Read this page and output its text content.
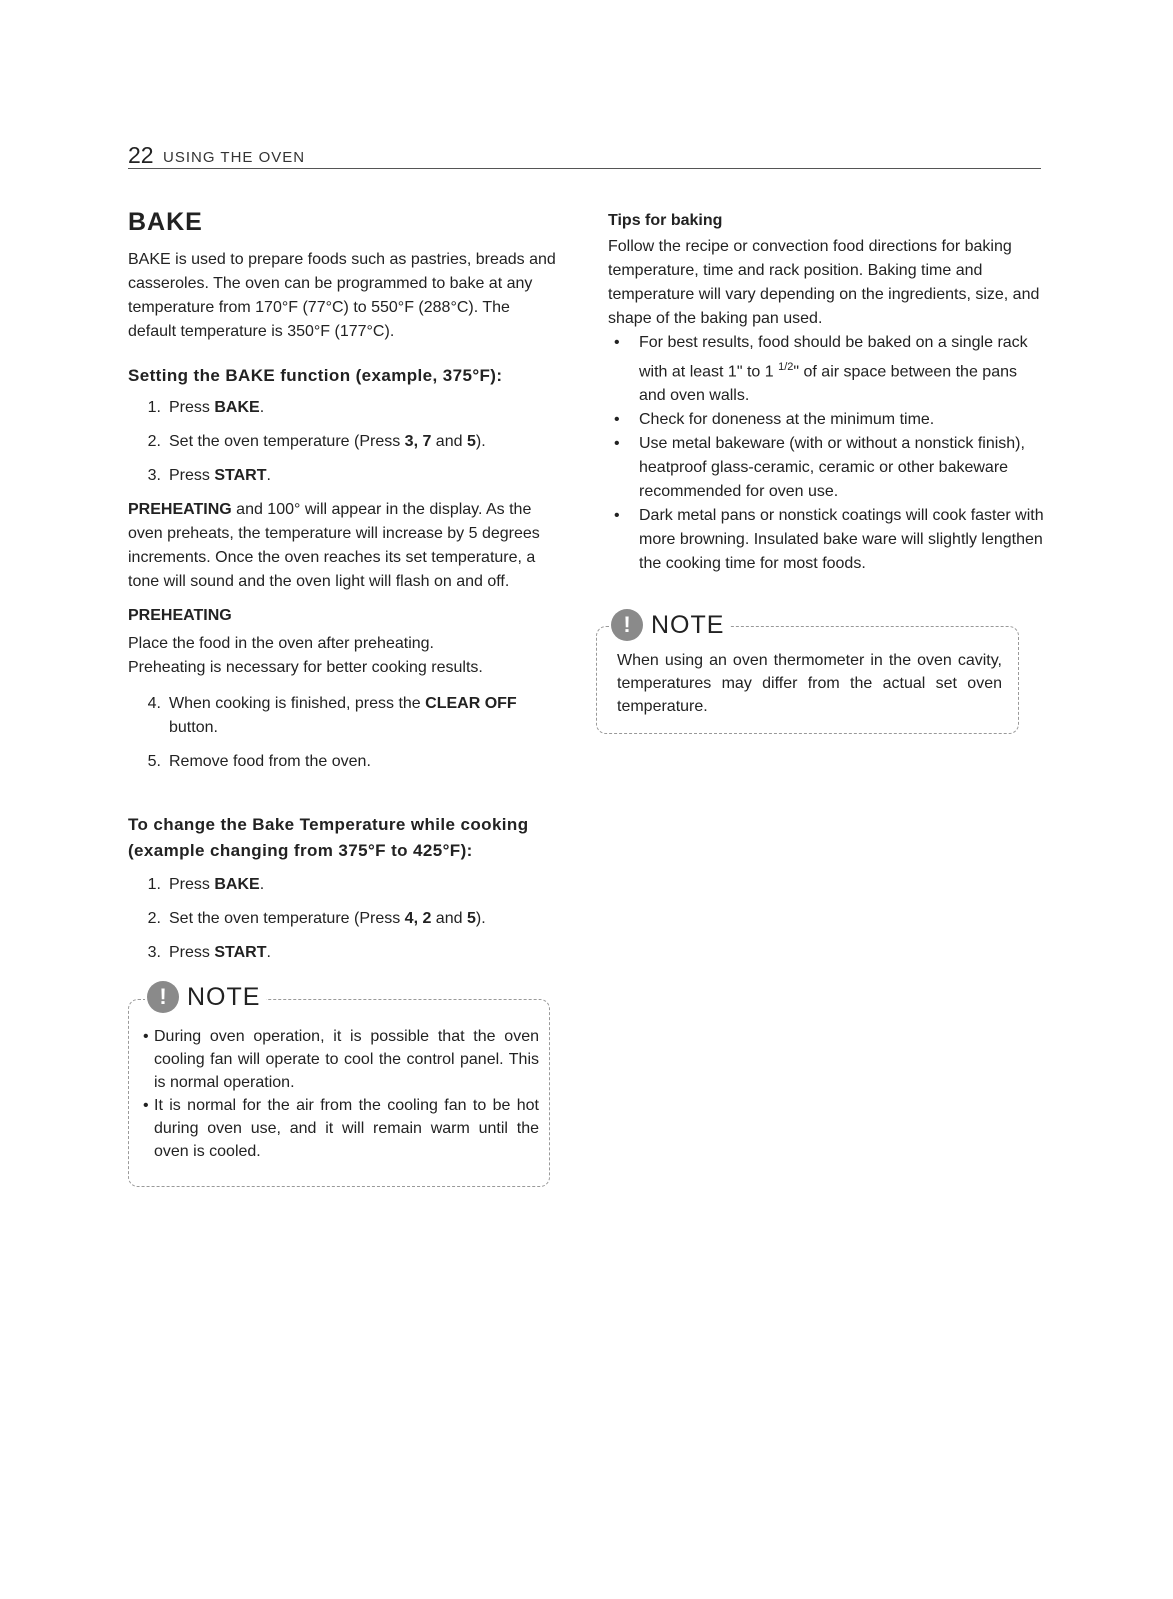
22 USING THE OVEN
BAKE

BAKE is used to prepare foods such as pastries, breads and casseroles. The oven can be programmed to bake at any temperature from 170°F (77°C) to 550°F (288°C). The default temperature is 350°F (177°C).

Setting the BAKE function (example, 375°F):
1. Press BAKE.
2. Set the oven temperature (Press 3, 7 and 5).
3. Press START.

PREHEATING and 100° will appear in the display. As the oven preheats, the temperature will increase by 5 degrees increments. Once the oven reaches its set temperature, a tone will sound and the oven light will flash on and off.

PREHEATING

Place the food in the oven after preheating.

Preheating is necessary for better cooking results.

4. When cooking is finished, press the CLEAR OFF button.
5. Remove food from the oven.
To change the Bake Temperature while cooking (example changing from 375°F to 425°F):
1. Press BAKE.
2. Set the oven temperature (Press 4, 2 and 5).
3. Press START.
! NOTE
• During oven operation, it is possible that the oven cooling fan will operate to cool the control panel. This is normal operation.
• It is normal for the air from the cooling fan to be hot during oven use, and it will remain warm until the oven is cooled.

Tips for baking

Follow the recipe or convection food directions for baking temperature, time and rack position. Baking time and temperature will vary depending on the ingredients, size, and shape of the baking pan used.

•	For best results, food should be baked on a single rack with at least 1" to 1 $^{1/2}$" of air space between the pans and oven walls.
•	Check for doneness at the minimum time.
•	Use metal bakeware (with or without a nonstick finish), heatproof glass-ceramic, ceramic or other bakeware recommended for oven use.
•	Dark metal pans or nonstick coatings will cook faster with more browning. Insulated bake ware will slightly lengthen the cooking time for most foods.
! NOTE
When using an oven thermometer in the oven cavity, temperatures may differ from the actual set oven temperature.
